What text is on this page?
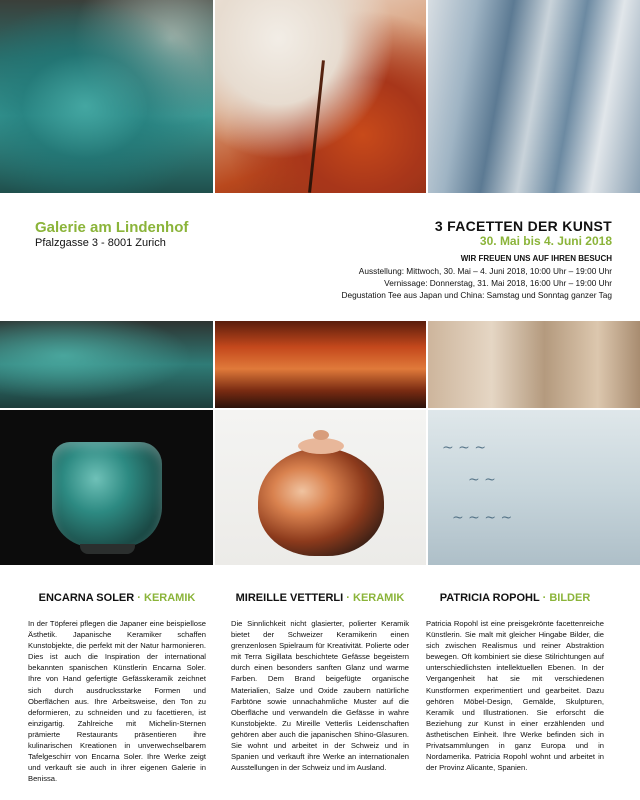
Galerie am Lindenhof
Pfalzgasse 3 - 8001 Zurich
3 FACETTEN DER KUNST
30. Mai bis 4. Juni 2018
WIR FREUEN UNS AUF IHREN BESUCH
Ausstellung: Mittwoch, 30. Mai – 4. Juni 2018, 10:00 Uhr – 19:00 Uhr
Vernissage: Donnerstag, 31. Mai 2018, 16:00 Uhr – 19:00 Uhr
Degustation Tee aus Japan und China: Samstag und Sonntag ganzer Tag
~ ~ ~
~ ~
~ ~ ~ ~
ENCARNA SOLER · KERAMIK
In der Töpferei pflegen die Japaner eine beispiellose Ästhetik. Japanische Keramiker schaffen Kunstobjekte, die perfekt mit der Natur harmonieren. Dies ist auch die Inspiration der international bekannten spanischen Künstlerin Encarna Soler. Ihre von Hand gefertigte Gefässkeramik zeichnet sich durch ausdrucksstarke Formen und Oberflächen aus. Ihre Arbeitsweise, den Ton zu deformieren, zu schneiden und zu facettieren, ist einzigartig. Zahlreiche mit Michelin-Sternen prämierte Restaurants präsentieren ihre kulinarischen Kreationen in unverwechselbarem Tafelgeschirr von Encarna Soler. Ihre Werke zeigt und verkauft sie auch in ihrer eigenen Galerie in Benissa.
MIREILLE VETTERLI · KERAMIK
Die Sinnlichkeit nicht glasierter, polierter Keramik bietet der Schweizer Keramikerin einen grenzenlosen Spielraum für Kreativität. Polierte oder mit Terra Sigillata beschichtete Gefässe begeistern durch einen besonders sanften Glanz und warme Farben. Dem Brand beigefügte organische Materialien, Salze und Oxide zaubern natürliche Farbtöne sowie unnachahmliche Muster auf die Oberfläche und verwandeln die Gefässe in wahre Kunstobjekte. Zu Mireille Vetterlis Leidenschaften gehören aber auch die japanischen Shino-Glasuren. Sie wohnt und arbeitet in der Schweiz und in Spanien und verkauft ihre Werke an internationalen Ausstellungen in der Schweiz und im Ausland.
PATRICIA ROPOHL · BILDER
Patricia Ropohl ist eine preisgekrönte facettenreiche Künstlerin. Sie malt mit gleicher Hingabe Bilder, die sich zwischen Realismus und reiner Abstraktion bewegen. Oft kombiniert sie diese Stilrichtungen auf unterschiedlichsten intellektuellen Ebenen. In der Vergangenheit hat sie mit verschiedenen Kunstformen experimentiert und gearbeitet. Dazu gehören Möbel-Design, Gemälde, Skulpturen, Keramik und Illustrationen. Sie erforscht die Beziehung zur Kunst in einer erzählenden und ästhetischen Einheit. Ihre Werke befinden sich in Privatsammlungen in ganz Europa und in Nordamerika. Patricia Ropohl wohnt und arbeitet in der Provinz Alicante, Spanien.
